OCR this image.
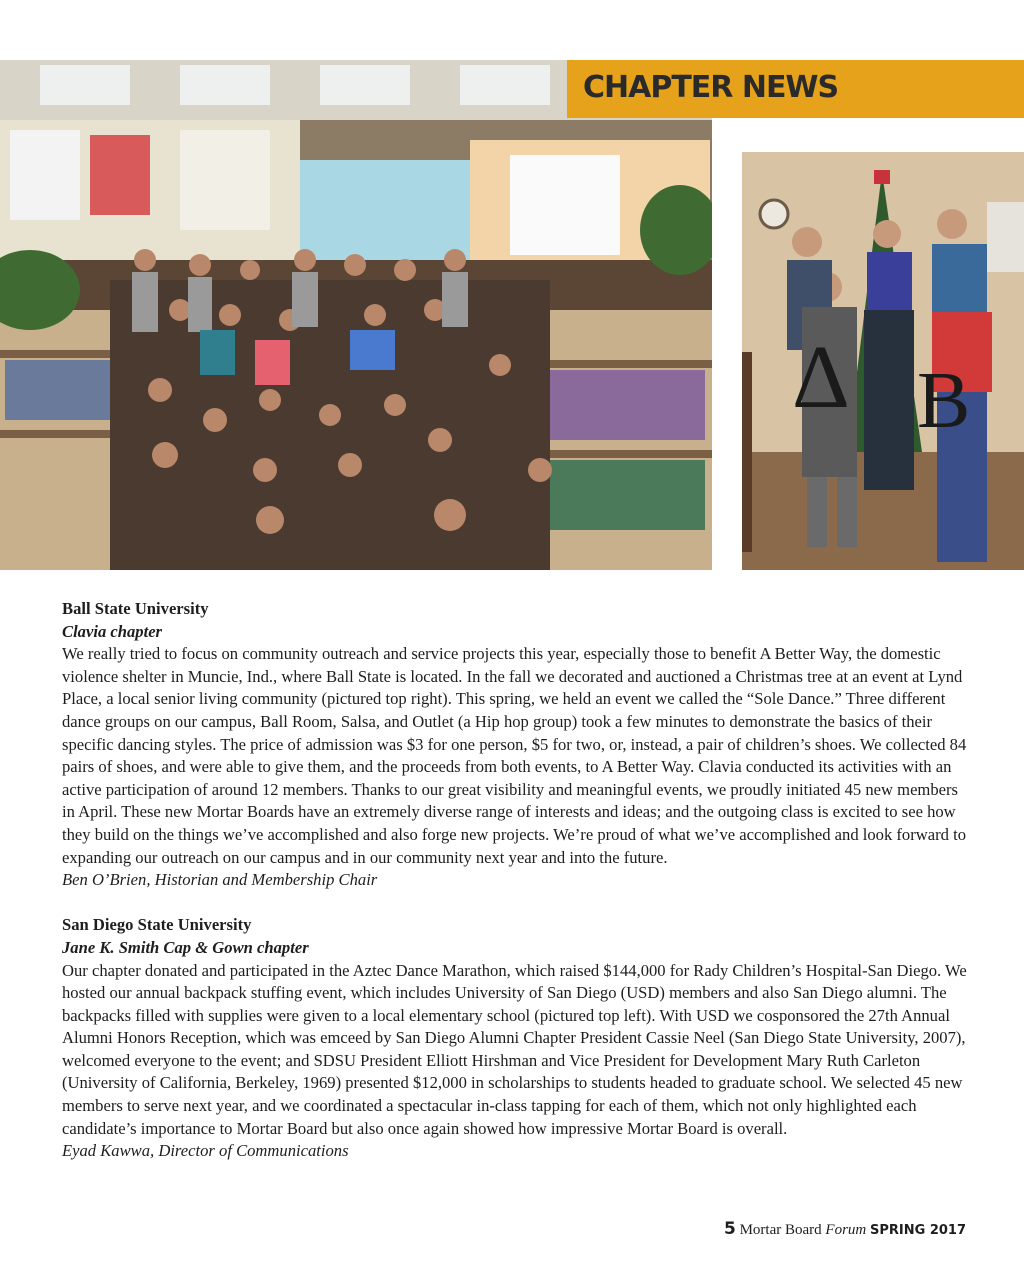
Δ B
CHAPTER NEWS
Ball State University
Clavia chapter

We really tried to focus on community outreach and service projects this year, especially those to benefit A Better Way, the domestic violence shelter in Muncie, Ind., where Ball State is located. In the fall we decorated and auctioned a Christmas tree at an event at Lynd Place, a local senior living community (pictured top right). This spring, we held an event we called the “Sole Dance.” Three different dance groups on our campus, Ball Room, Salsa, and Outlet (a Hip hop group) took a few minutes to demonstrate the basics of their specific dancing styles. The price of admission was $3 for one person, $5 for two, or, instead, a pair of children’s shoes. We collected 84 pairs of shoes, and were able to give them, and the proceeds from both events, to A Better Way. Clavia conducted its activities with an active participation of around 12 members. Thanks to our great visibility and meaningful events, we proudly initiated 45 new members in April. These new Mortar Boards have an extremely diverse range of interests and ideas; and the outgoing class is excited to see how they build on the things we’ve accomplished and also forge new projects. We’re proud of what we’ve accomplished and look forward to expanding our outreach on our campus and in our community next year and into the future.

Ben O’Brien, Historian and Membership Chair
San Diego State University
Jane K. Smith Cap & Gown chapter

Our chapter donated and participated in the Aztec Dance Marathon, which raised $144,000 for Rady Children’s Hospital-San Diego. We hosted our annual backpack stuffing event, which includes University of San Diego (USD) members and also San Diego alumni. The backpacks filled with supplies were given to a local elementary school (pictured top left). With USD we cosponsored the 27th Annual Alumni Honors Reception, which was emceed by San Diego Alumni Chapter President Cassie Neel (San Diego State University, 2007), welcomed everyone to the event; and SDSU President Elliott Hirshman and Vice President for Development Mary Ruth Carleton (University of California, Berkeley, 1969) presented $12,000 in scholarships to students headed to graduate school. We selected 45 new members to serve next year, and we coordinated a spectacular in-class tapping for each of them, which not only highlighted each candidate’s importance to Mortar Board but also once again showed how impressive Mortar Board is overall.

Eyad Kawwa, Director of Communications
5 Mortar Board Forum SPRING 2017
